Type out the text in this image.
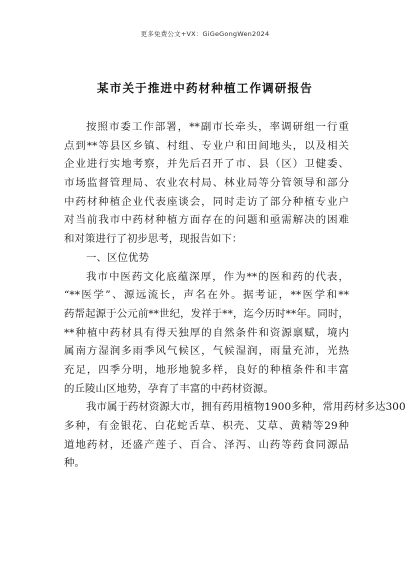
更多免费公文+VX：GiGeGongWen2024
某市关于推进中药材种植工作调研报告
按照市委工作部署，**副市长牵头，率调研组一行重
点到**等县区乡镇、村组、专业户和田间地头，以及相关
企业进行实地考察，并先后召开了市、县（区）卫健委、
市场监督管理局、农业农村局、林业局等分管领导和部分
中药材种植企业代表座谈会，同时走访了部分种植专业户
对当前我市中药材种植方面存在的问题和亟需解决的困难
和对策进行了初步思考，现报告如下：
一、区位优势
我市中医药文化底蕴深厚，作为**的医和药的代表，
“**医学”、源远流长，声名在外。据考证，**医学和**
药帮起源于公元前**世纪，发祥于**，迄今历时**年。同时，
**种植中药材具有得天独厚的自然条件和资源禀赋，境内
属南方湿润多雨季风气候区，气候湿润，雨量充沛，光热
充足，四季分明，地形地貌多样，良好的种植条件和丰富
的丘陵山区地势，孕育了丰富的中药材资源。
我市属于药材资源大市，拥有药用植物1900多种，常用药材多达300
多种，有金银花、白花蛇舌草、枳壳、艾草、黄精等29种
道地药材，还盛产莲子、百合、泽泻、山药等药食同源品
种。
